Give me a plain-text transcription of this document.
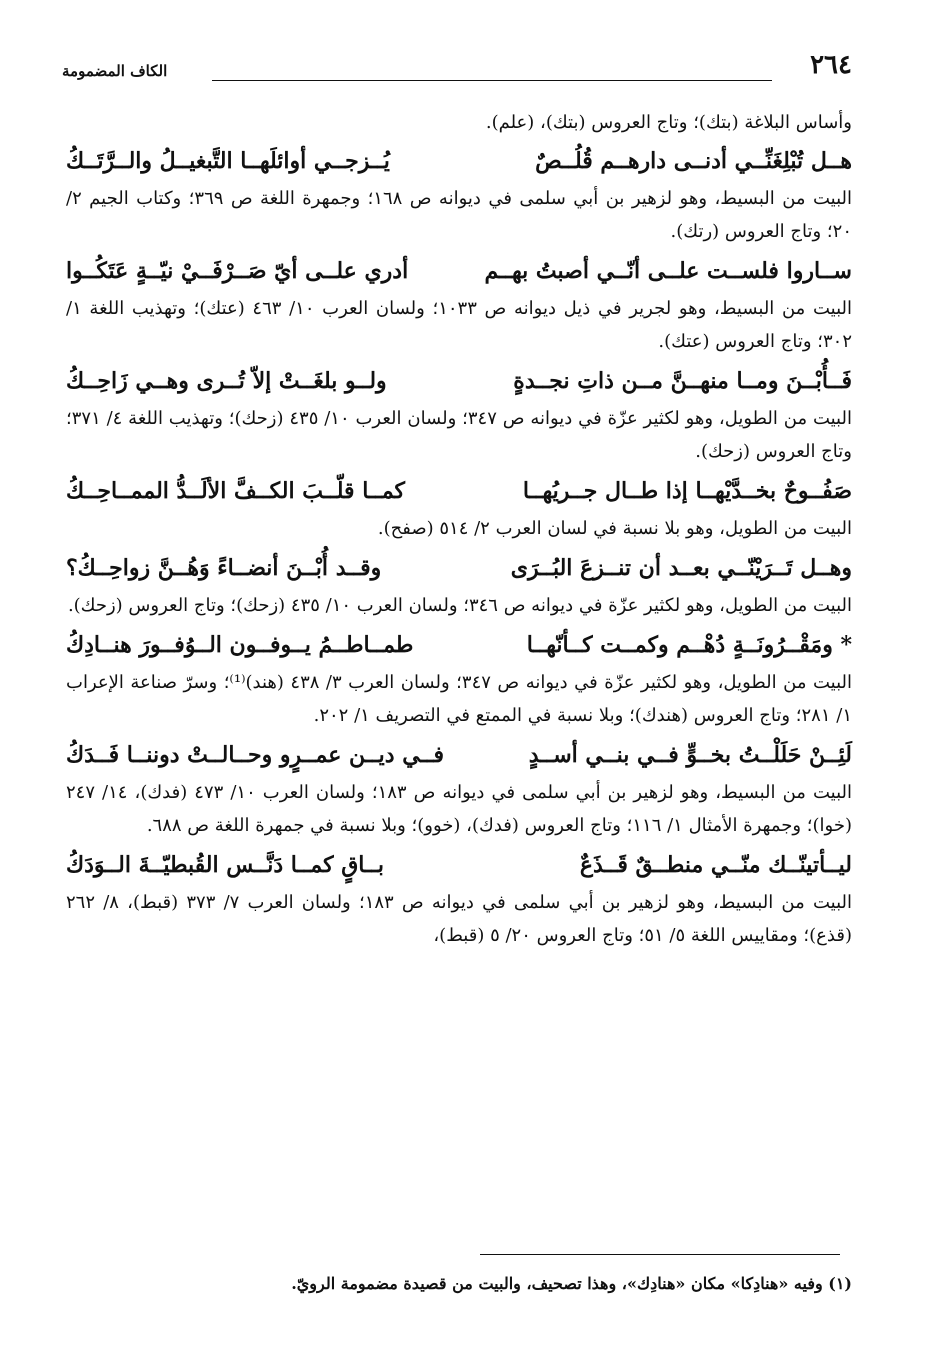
٢٦٤
الكاف المضمومة

وأساس البلاغة (بتك)؛ وتاج العروس (بتك)، (علم).

هــل تُبْلِغَنِّــي أدنــى دارهــم قُلُــصٌ
يُــزجــي أوائلَهــا التَّبغيــلُ والــرَّتَــكُ

البيت من البسيط، وهو لزهير بن أبي سلمى في ديوانه ص ١٦٨؛ وجمهرة اللغة ص ٣٦٩؛ وكتاب الجيم ٢/ ٢٠؛ وتاج العروس (رتك).

ســاروا فلســت علــى أنّــي أصبتُ بهــم
أدري علــى أيّ صَــرْفَــيْ نيّــةٍ عَتَكُــوا

البيت من البسيط، وهو لجرير في ذيل ديوانه ص ١٠٣٣؛ ولسان العرب ١٠/ ٤٦٣ (عتك)؛ وتهذيب اللغة ١/ ٣٠٢؛ وتاج العروس (عتك).

فَــأُبْــنَ ومــا منهــنَّ مــن ذاتِ نجــدةٍ
ولــو بلغَــتْ إلاّ تُــرى وهــي زَاحِــكُ

البيت من الطويل، وهو لكثير عزّة في ديوانه ص ٣٤٧؛ ولسان العرب ١٠/ ٤٣٥ (زحك)؛ وتهذيب اللغة ٤/ ٣٧١؛ وتاج العروس (زحك).

صَفُــوحٌ بخــدَّيْهــا إذا طــال جــريُهــا
كمــا قلّــبَ الكــفَّ الألَــدُّ الممــاحِــكُ

البيت من الطويل، وهو بلا نسبة في لسان العرب ٢/ ٥١٤ (صفح).

وهــل تَــرَيْنّــي بعــد أن تنــزعَ البُــرَى
وقــد أُبْــنَ أنضــاءً وَهُــنَّ زواحِــكُ؟

البيت من الطويل، وهو لكثير عزّة في ديوانه ص ٣٤٦؛ ولسان العرب ١٠/ ٤٣٥ (زحك)؛ وتاج العروس (زحك).

* ومَقْــرُونَــةٍ دُهْــم وكمــت كــأنّهــا
طمــاطــمُ يــوفــون الــوُفــورَ هنــادِكُ

البيت من الطويل، وهو لكثير عزّة في ديوانه ص ٣٤٧؛ ولسان العرب ٣/ ٤٣٨ (هند)⁽¹⁾؛ وسرّ صناعة الإعراب ١/ ٢٨١؛ وتاج العروس (هندك)؛ وبلا نسبة في الممتع في التصريف ١/ ٢٠٢.

لَئِــنْ حَلَلْــتُ بخــوٍّ فــي بنــي أســدٍ
فــي ديــن عمــرٍو وحــالــتْ دوننــا فَــدَكُ

البيت من البسيط، وهو لزهير بن أبي سلمى في ديوانه ص ١٨٣؛ ولسان العرب ١٠/ ٤٧٣ (فدك)، ١٤/ ٢٤٧ (خوا)؛ وجمهرة الأمثال ١/ ١١٦؛ وتاج العروس (فدك)، (خوو)؛ وبلا نسبة في جمهرة اللغة ص ٦٨٨.

ليــأتينّــك منّــي منطــقٌ قَــذَعٌ
بــاقٍ كمــا دَنَّــس القُبطيّــةَ الــوَدَكُ

البيت من البسيط، وهو لزهير بن أبي سلمى في ديوانه ص ١٨٣؛ ولسان العرب ٧/ ٣٧٣ (قبط)، ٨/ ٢٦٢ (قذع)؛ ومقاييس اللغة ٥/ ٥١؛ وتاج العروس ٢٠/ ٥ (قبط)،

(١) وفيه «هنادِكا» مكان «هنادِك»، وهذا تصحيف، والبيت من قصيدة مضمومة الرويّ.
